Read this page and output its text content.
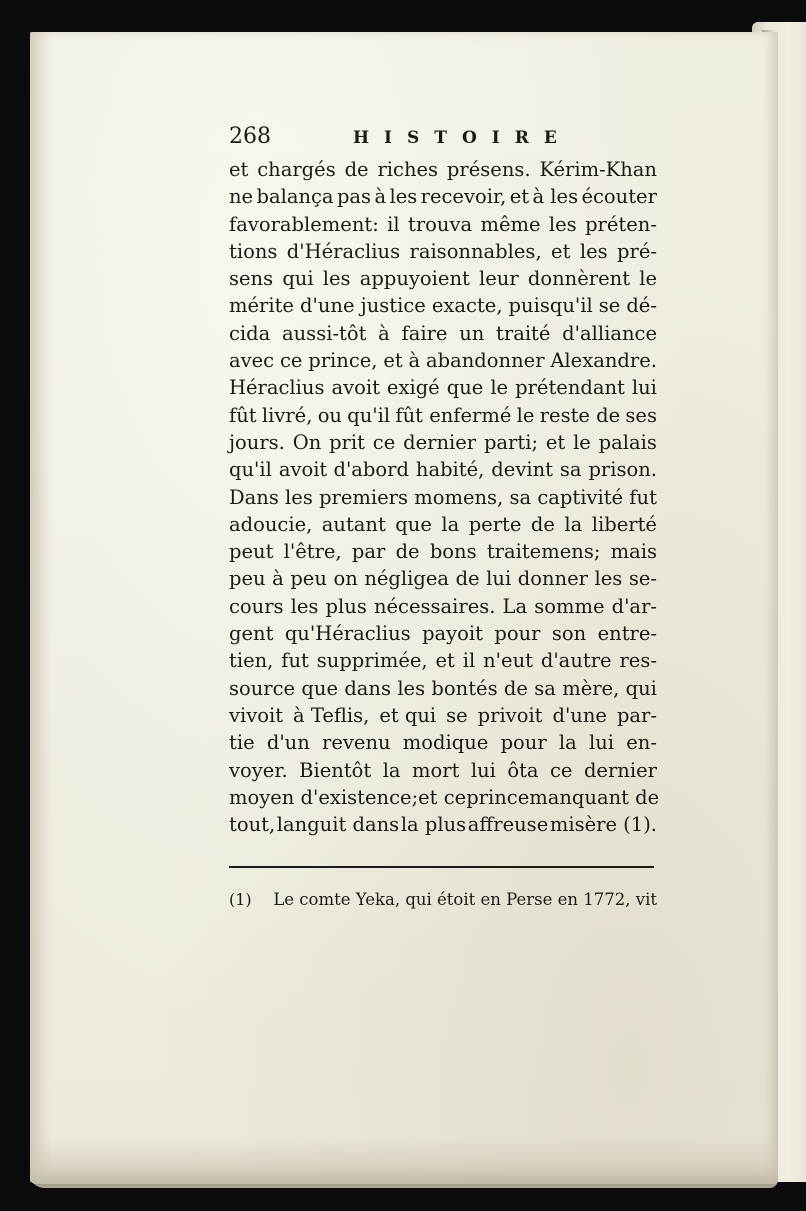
268	HISTOIRE
et chargés de riches présens. Kérim-Khan
ne balança pas à les recevoir, et à les écouter
favorablement: il trouva même les préten-
tions d'Héraclius raisonnables, et les pré-
sens qui les appuyoient leur donnèrent le
mérite d'une justice exacte, puisqu'il se dé-
cida aussi-tôt à faire un traité d'alliance
avec ce prince, et à abandonner Alexandre.
Héraclius avoit exigé que le prétendant lui
fût livré, ou qu'il fût enfermé le reste de ses
jours. On prit ce dernier parti; et le palais
qu'il avoit d'abord habité, devint sa prison.
Dans les premiers momens, sa captivité fut
adoucie, autant que la perte de la liberté
peut l'être, par de bons traitemens; mais
peu à peu on négligea de lui donner les se-
cours les plus nécessaires. La somme d'ar-
gent qu'Héraclius payoit pour son entre-
tien, fut supprimée, et il n'eut d'autre res-
source que dans les bontés de sa mère, qui
vivoit à Teflis, et qui se privoit d'une par-
tie d'un revenu modique pour la lui en-
voyer. Bientôt la mort lui ôta ce dernier
moyen d'existence; et ce prince manquant de
tout, languit dans la plus affreuse misère (1).
(1)	Le comte Yeka, qui étoit en Perse en 1772, vit
